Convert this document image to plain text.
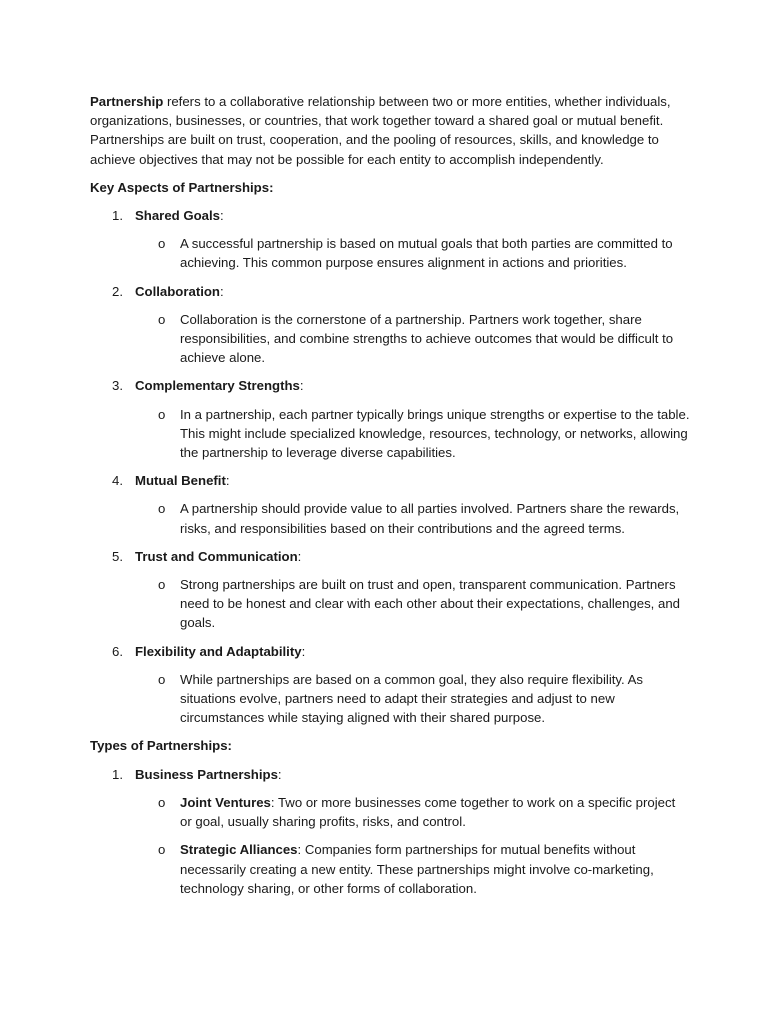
Partnership refers to a collaborative relationship between two or more entities, whether individuals, organizations, businesses, or countries, that work together toward a shared goal or mutual benefit. Partnerships are built on trust, cooperation, and the pooling of resources, skills, and knowledge to achieve objectives that may not be possible for each entity to accomplish independently.

Key Aspects of Partnerships:

1. Shared Goals:
o A successful partnership is based on mutual goals that both parties are committed to achieving. This common purpose ensures alignment in actions and priorities.
2. Collaboration:
o Collaboration is the cornerstone of a partnership. Partners work together, share responsibilities, and combine strengths to achieve outcomes that would be difficult to achieve alone.
3. Complementary Strengths:
o In a partnership, each partner typically brings unique strengths or expertise to the table. This might include specialized knowledge, resources, technology, or networks, allowing the partnership to leverage diverse capabilities.
4. Mutual Benefit:
o A partnership should provide value to all parties involved. Partners share the rewards, risks, and responsibilities based on their contributions and the agreed terms.
5. Trust and Communication:
o Strong partnerships are built on trust and open, transparent communication. Partners need to be honest and clear with each other about their expectations, challenges, and goals.
6. Flexibility and Adaptability:
o While partnerships are based on a common goal, they also require flexibility. As situations evolve, partners need to adapt their strategies and adjust to new circumstances while staying aligned with their shared purpose.

Types of Partnerships:

1. Business Partnerships:
o Joint Ventures: Two or more businesses come together to work on a specific project or goal, usually sharing profits, risks, and control.
o Strategic Alliances: Companies form partnerships for mutual benefits without necessarily creating a new entity. These partnerships might involve co-marketing, technology sharing, or other forms of collaboration.
